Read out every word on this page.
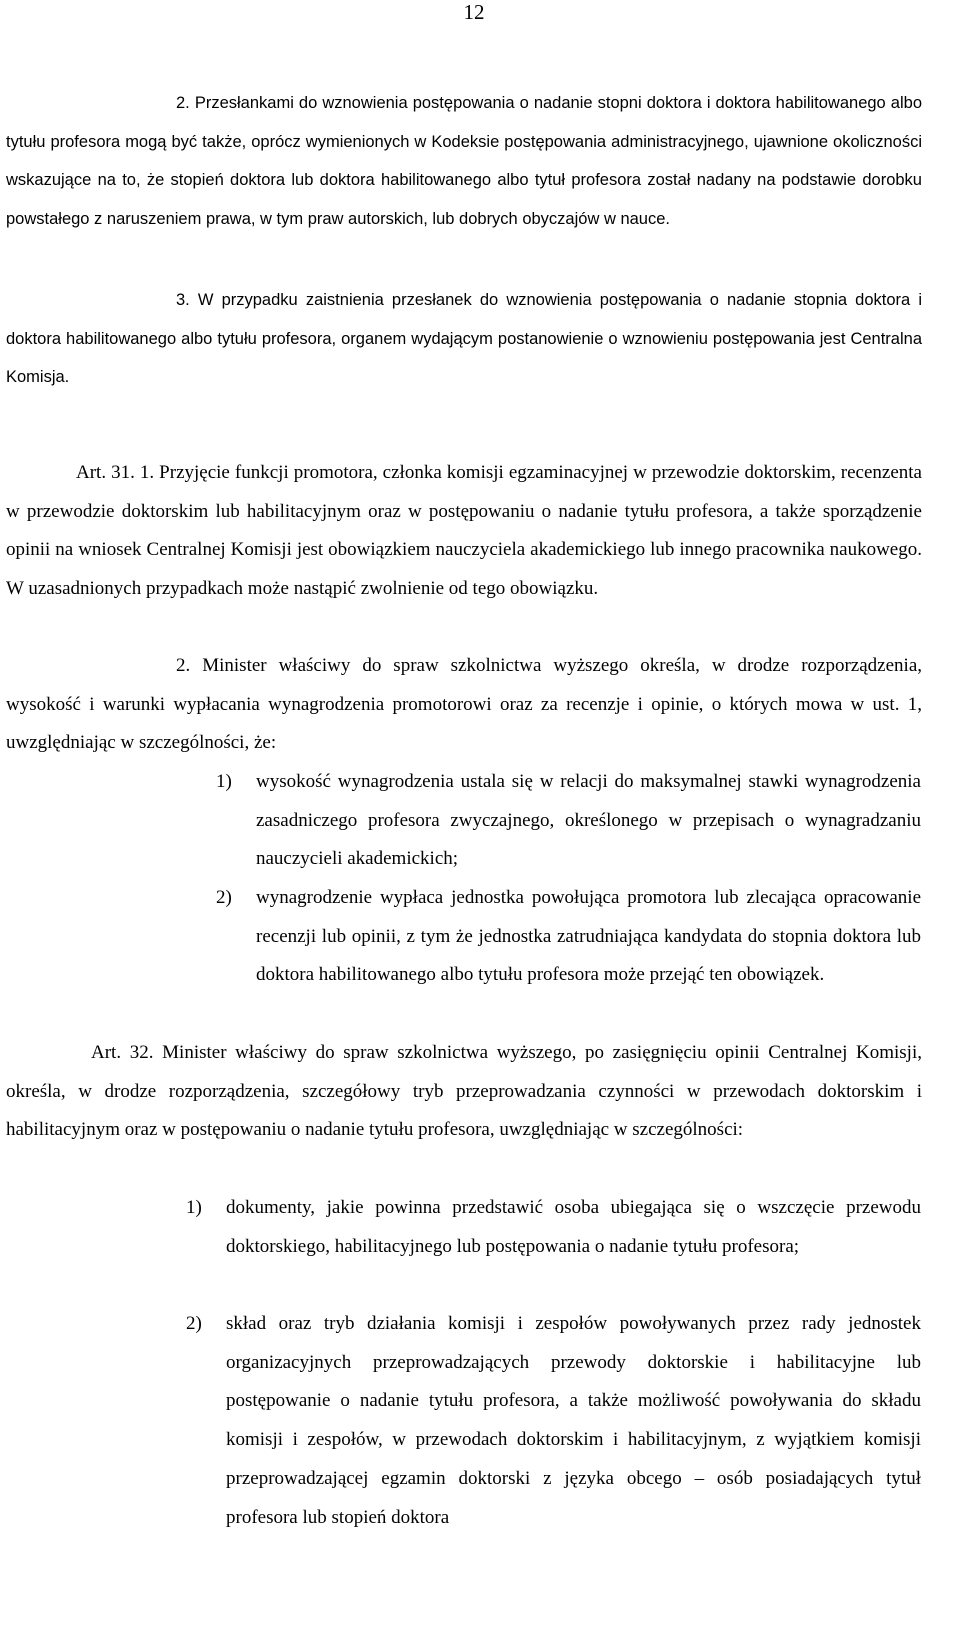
12
2. Przesłankami do wznowienia postępowania o nadanie stopni doktora i doktora habilitowanego albo tytułu profesora mogą być także, oprócz wymienionych w Kodeksie postępowania administracyjnego, ujawnione okoliczności wskazujące na to, że stopień doktora lub doktora habilitowanego albo tytuł profesora został nadany na podstawie dorobku powstałego z naruszeniem prawa, w tym praw autorskich, lub dobrych obyczajów w nauce.
3. W przypadku zaistnienia przesłanek do wznowienia postępowania o nadanie stopnia doktora i doktora habilitowanego albo tytułu profesora, organem wydającym postanowienie o wznowieniu postępowania jest Centralna Komisja.
Art. 31. 1. Przyjęcie funkcji promotora, członka komisji egzaminacyjnej w przewodzie doktorskim, recenzenta w przewodzie doktorskim lub habilitacyjnym oraz w postępowaniu o nadanie tytułu profesora, a także sporządzenie opinii na wniosek Centralnej Komisji jest obowiązkiem nauczyciela akademickiego lub innego pracownika naukowego. W uzasadnionych przypadkach może nastąpić zwolnienie od tego obowiązku.
2. Minister właściwy do spraw szkolnictwa wyższego określa, w drodze rozporządzenia, wysokość i warunki wypłacania wynagrodzenia promotorowi oraz za recenzje i opinie, o których mowa w ust. 1, uwzględniając w szczególności, że:
1)	wysokość wynagrodzenia ustala się w relacji do maksymalnej stawki wynagrodzenia zasadniczego profesora zwyczajnego, określonego w przepisach o wynagradzaniu nauczycieli akademickich;
2)	wynagrodzenie wypłaca jednostka powołująca promotora lub zlecająca opracowanie recenzji lub opinii, z tym że jednostka zatrudniająca kandydata do stopnia doktora lub doktora habilitowanego albo tytułu profesora może przejąć ten obowiązek.
Art. 32. Minister właściwy do spraw szkolnictwa wyższego, po zasięgnięciu opinii Centralnej Komisji, określa, w drodze rozporządzenia, szczegółowy tryb przeprowadzania czynności w przewodach doktorskim i habilitacyjnym oraz w postępowaniu o nadanie tytułu profesora, uwzględniając w szczególności:
1)	dokumenty, jakie powinna przedstawić osoba ubiegająca się o wszczęcie przewodu doktorskiego, habilitacyjnego lub postępowania o nadanie tytułu profesora;
2)	skład oraz tryb działania komisji i zespołów powoływanych przez rady jednostek organizacyjnych przeprowadzających przewody doktorskie i habilitacyjne lub postępowanie o nadanie tytułu profesora, a także możliwość powoływania do składu komisji i zespołów, w przewodach doktorskim i habilitacyjnym, z wyjątkiem komisji przeprowadzającej egzamin doktorski z języka obcego – osób posiadających tytuł profesora lub stopień doktora
